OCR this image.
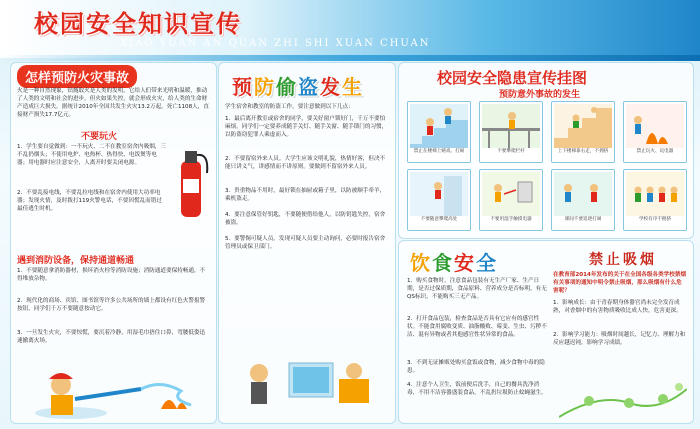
校园安全知识宣传
XIAO YUAN AN QUAN ZHI SHI XUAN CHUAN
怎样预防火灾事故
火是一种自然现象，钻燧取火是人类的发明，它给人们带来光明和温暖，推动了人类的文明和社会的进步。但火如果失控，就会形成火灾，给人类的生命财产造成巨大损失。据统计2010年全国共发生火灾13.2万起，死亡1108人，直接财产损失17.7亿元。
不要玩火
1．学生要自觉做到：一不玩火、二不在教室宿舍内吸烟，三不乱扔烟头；不使用电炉、电热杯、热得快、电饭煲等电器；用电器时应注意安全，人离开时要关闭电源。
2．不要乱接电线，不要乱拉电线和在宿舍内使用大功率电器；发现火情，及时拨打119火警电话，不要因慌乱而错过最佳逃生时机。
遇到消防设备，保持通道畅通
1．不要随意拿消防器材，损坏消火栓等消防设施；消防通道要保持畅通，不得堆放杂物。
2．现代化的商场、宾馆、图书馆等许多公共场所的墙上都设有红色火警报警按钮，同学们千万不要随意按动它。
3．一旦发生火灾，不要惊慌，要沉着冷静，用湿毛巾捂住口鼻，弯腰低姿迅速撤离火场。
预 防 偷 盗 发 生
学生宿舍和教室的防盗工作，要注意做到以下几点：
1．最后离开教室或宿舍的同学，要关好窗户锁好门，千万不要怕麻烦。同学们一定要养成随手关灯、随手关窗、随手锁门的习惯，以防盗窃犯罪人乘虚而入。
2．不要留宿外来人员。大学生应该文明礼貌，热情好客，但决不能只讲义气，讲感情而不讲原则。要做到不留宿外来人员。
3．贵重物品不用时，最好锁在抽屉或箱子里，以防被顺手牵羊，乘机盗走。
4．要注意保管好钥匙，不要随便借给他人，以防钥匙失控，宿舍被盗。
5．要警惕可疑人员，发现可疑人员要主动询问，必要时报告宿舍管理员或保卫部门。
校园安全隐患宣传挂图
预防意外事故的发生
禁止在楼梯上嬉戏、打闹	不要攀爬栏杆	上下楼梯靠右走，不拥挤	禁止玩火、玩电器
不要随意攀爬高处	不要用湿手触摸电器	课间不要追逐打闹	学校有序不拥挤
饮 食 安 全
1．购买食物时，注意食品包装有无生产厂家、生产日期，是否过保质期，食品原料、营养成分是否标明，有无QS标识，不能购买三无产品。
2．打开食品包装，检查食品是否具有它应有的感官性状。不能食用腐败变质、油脂酸败、霉变、生虫、污秽不洁、混有异物或者其他感官性状异常的食品。
3．不到无证摊贩处购买盒饭或食物，减少食物中毒的隐患。
4．注意个人卫生，饭前便后洗手，自己的餐具洗净消毒，不用不洁容器盛装食品，不乱扔垃圾防止蚊蝇滋生。
禁止吸烟
在教育部2014年发布的关于在全国各级各类学校禁烟有关事项的通知中明令禁止吸烟，那么吸烟有什么危害呢？
1．影响成长：由于青春期身体器官尚未完全发育成熟，对香烟中的有害物质吸收比成人快，危害更深。
2．影响学习能力：吸烟时间越长，记忆力、理解力和反应越迟钝，影响学习成绩。
